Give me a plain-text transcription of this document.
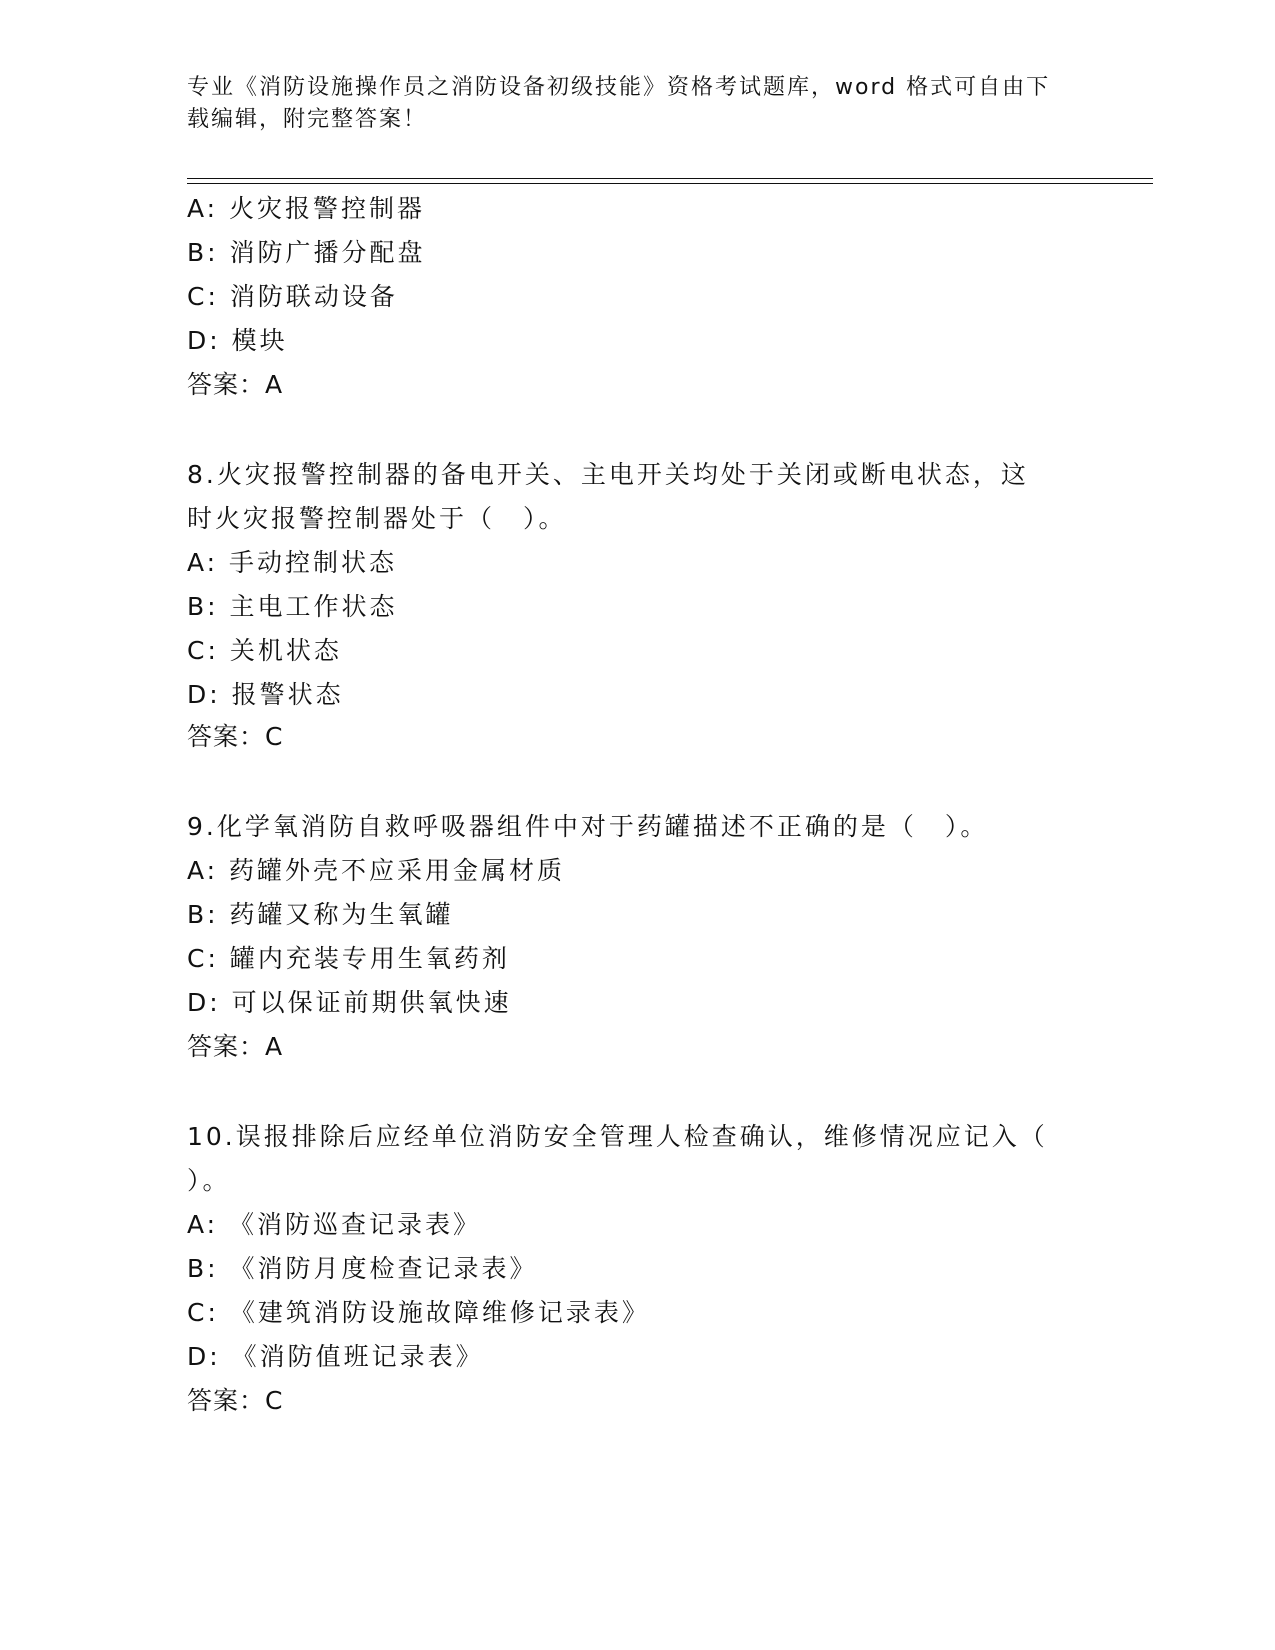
专业《消防设施操作员之消防设备初级技能》资格考试题库，word 格式可自由下
载编辑，附完整答案！
A: 火灾报警控制器
B: 消防广播分配盘
C: 消防联动设备
D: 模块
答案：A
8.火灾报警控制器的备电开关、主电开关均处于关闭或断电状态，这
时火灾报警控制器处于（　）。
A: 手动控制状态
B: 主电工作状态
C: 关机状态
D: 报警状态
答案：C
9.化学氧消防自救呼吸器组件中对于药罐描述不正确的是（　）。
A: 药罐外壳不应采用金属材质
B: 药罐又称为生氧罐
C: 罐内充装专用生氧药剂
D: 可以保证前期供氧快速
答案：A
10.误报排除后应经单位消防安全管理人检查确认，维修情况应记入（
）。
A: 《消防巡查记录表》
B: 《消防月度检查记录表》
C: 《建筑消防设施故障维修记录表》
D: 《消防值班记录表》
答案：C
